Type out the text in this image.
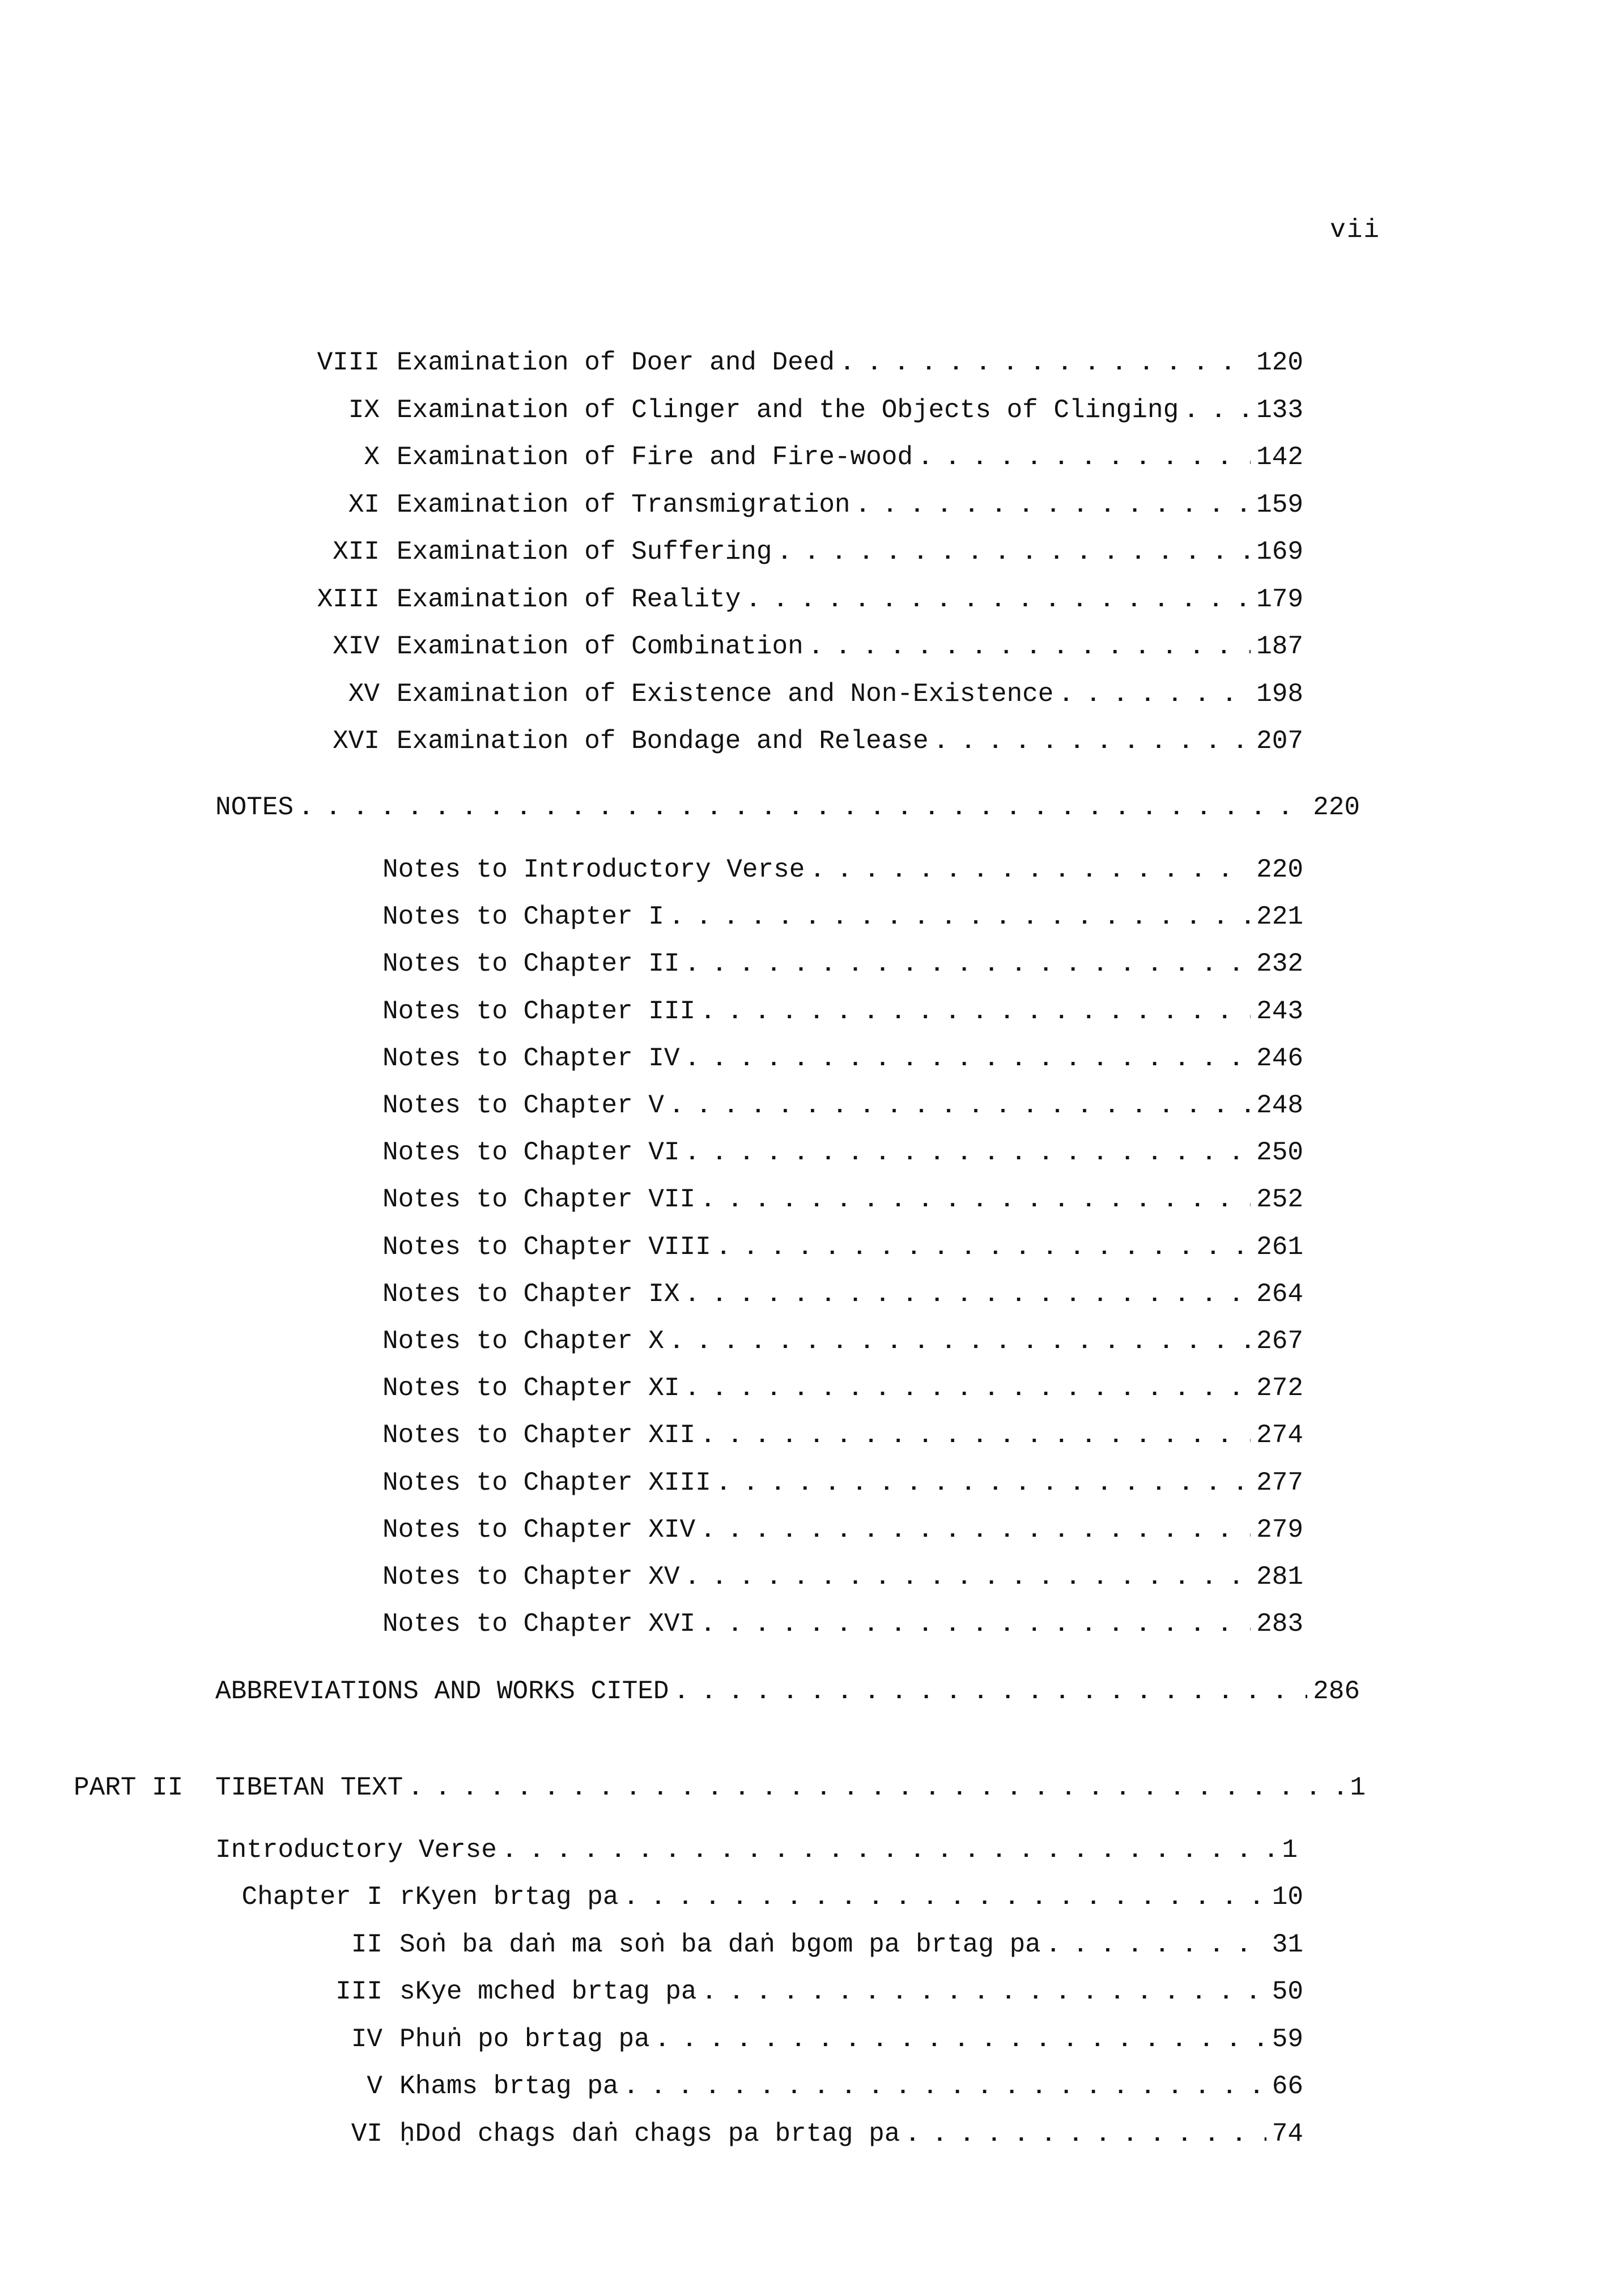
vii
VIII Examination of Doer and Deed . . .	120
IX Examination of Clinger and the Objects of Clinging . . .	133
X Examination of Fire and Fire-wood . . .	142
XI Examination of Transmigration . . .	159
XII Examination of Suffering . . .	169
XIII Examination of Reality . . .	179
XIV Examination of Combination . . .	187
XV Examination of Existence and Non-Existence . . .	198
XVI Examination of Bondage and Release . . .	207
NOTES . . .	220
Notes to Introductory Verse . . .	220
Notes to Chapter I . . .	221
Notes to Chapter II . . .	232
Notes to Chapter III . . .	243
Notes to Chapter IV . . .	246
Notes to Chapter V . . .	248
Notes to Chapter VI . . .	250
Notes to Chapter VII . . .	252
Notes to Chapter VIII . . .	261
Notes to Chapter IX . . .	264
Notes to Chapter X . . .	267
Notes to Chapter XI . . .	272
Notes to Chapter XII . . .	274
Notes to Chapter XIII . . .	277
Notes to Chapter XIV . . .	279
Notes to Chapter XV . . .	281
Notes to Chapter XVI . . .	283
ABBREVIATIONS AND WORKS CITED . . .	286
PART II TIBETAN TEXT . . .	1
Introductory Verse . . .	1
Chapter I rKyen brtag pa . . .	10
II Soṅ ba daṅ ma soṅ ba daṅ bgom pa brtag pa . . .	31
III sKye mched brtag pa . . .	50
IV Phuṅ po brtag pa . . .	59
V Khams brtag pa . . .	66
VI ḥDod chags daṅ chags pa brtag pa . . .	74
